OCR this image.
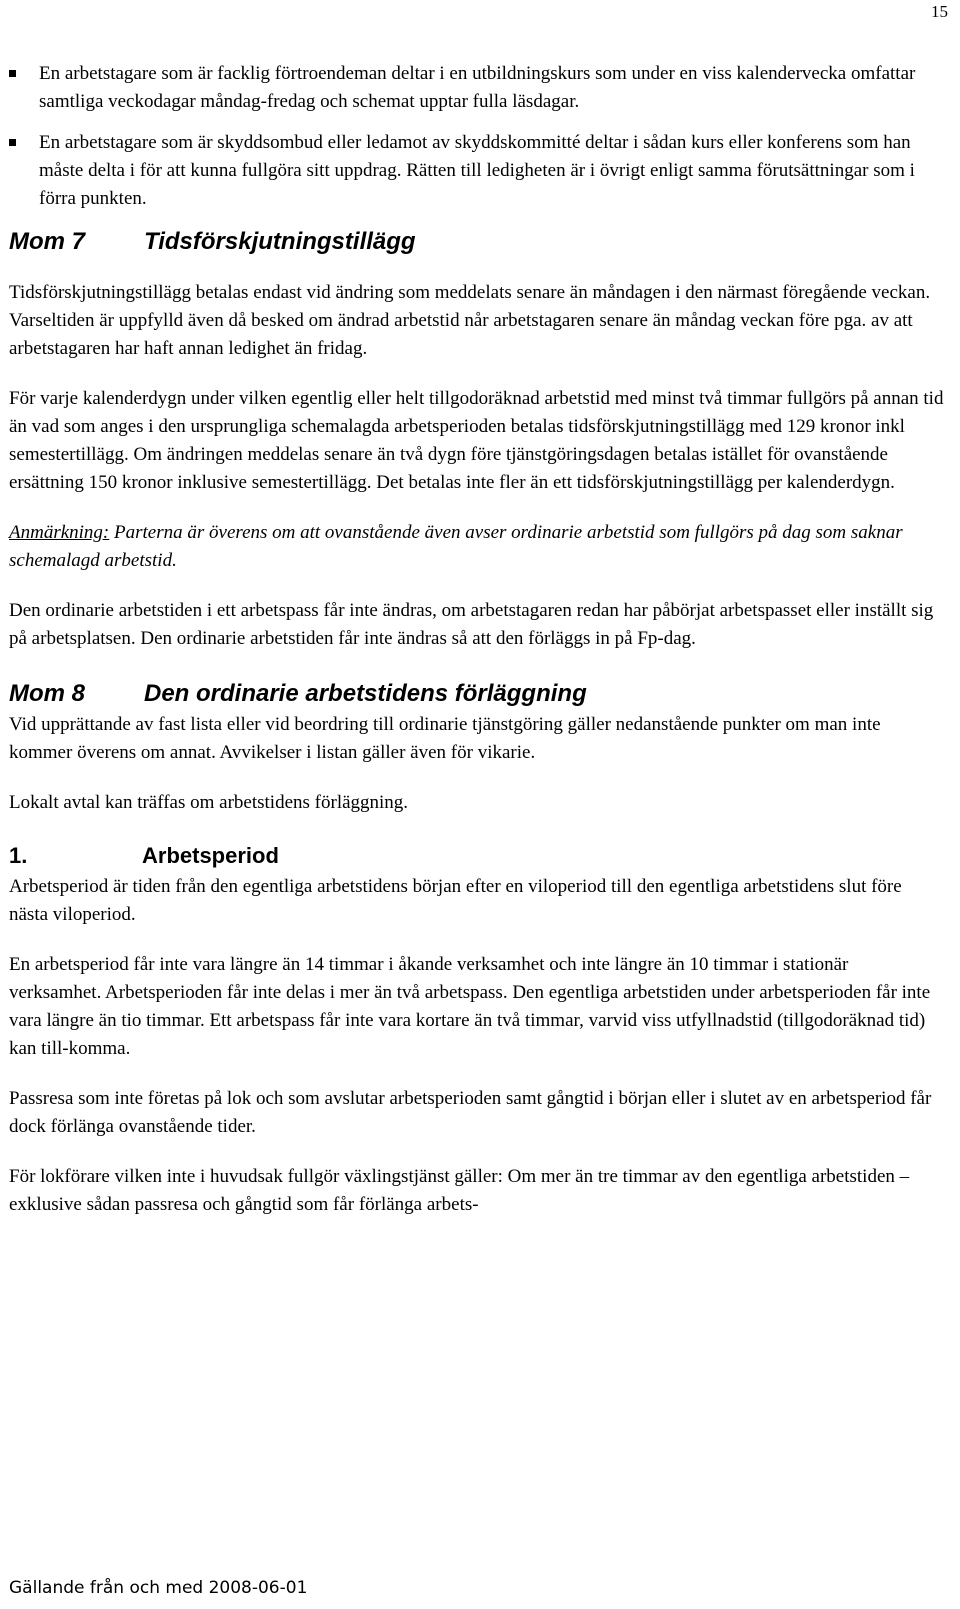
15
En arbetstagare som är facklig förtroendeman deltar i en utbildningskurs som under en viss kalendervecka omfattar samtliga veckodagar måndag-fredag och schemat upptar fulla läsdagar.
En arbetstagare som är skyddsombud eller ledamot av skyddskommitté deltar i sådan kurs eller konferens som han måste delta i för att kunna fullgöra sitt uppdrag. Rätten till ledigheten är i övrigt enligt samma förutsättningar som i förra punkten.
Mom 7	Tidsförskjutningstillägg

Tidsförskjutningstillägg betalas endast vid ändring som meddelats senare än måndagen i den närmast föregående veckan. Varseltiden är uppfylld även då besked om ändrad arbetstid når arbetstagaren senare än måndag veckan före pga. av att arbetstagaren har haft annan ledighet än fridag.

För varje kalenderdygn under vilken egentlig eller helt tillgodoräknad arbetstid med minst två timmar fullgörs på annan tid än vad som anges i den ursprungliga schemalagda arbetsperioden betalas tidsförskjutningstillägg med 129 kronor inkl semestertillägg. Om ändringen meddelas senare än två dygn före tjänstgöringsdagen betalas istället för ovanstående ersättning 150 kronor inklusive semestertillägg. Det betalas inte fler än ett tidsförskjutningstillägg per kalenderdygn.

Anmärkning: Parterna är överens om att ovanstående även avser ordinarie arbetstid som fullgörs på dag som saknar schemalagd arbetstid.

Den ordinarie arbetstiden i ett arbetspass får inte ändras, om arbetstagaren redan har påbörjat arbetspasset eller inställt sig på arbetsplatsen. Den ordinarie arbetstiden får inte ändras så att den förläggs in på Fp-dag.

Mom 8	Den ordinarie arbetstidens förläggning

Vid upprättande av fast lista eller vid beordring till ordinarie tjänstgöring gäller nedanstående punkter om man inte kommer överens om annat. Avvikelser i listan gäller även för vikarie.

Lokalt avtal kan träffas om arbetstidens förläggning.

1.	Arbetsperiod

Arbetsperiod är tiden från den egentliga arbetstidens början efter en viloperiod till den egentliga arbetstidens slut före nästa viloperiod.

En arbetsperiod får inte vara längre än 14 timmar i åkande verksamhet och inte längre än 10 timmar i stationär verksamhet. Arbetsperioden får inte delas i mer än två arbetspass. Den egentliga arbetstiden under arbetsperioden får inte vara längre än tio timmar. Ett arbetspass får inte vara kortare än två timmar, varvid viss utfyllnadstid (tillgodoräknad tid) kan till-komma.

Passresa som inte företas på lok och som avslutar arbetsperioden samt gångtid i början eller i slutet av en arbetsperiod får dock förlänga ovanstående tider.

För lokförare vilken inte i huvudsak fullgör växlingstjänst gäller: Om mer än tre timmar av den egentliga arbetstiden – exklusive sådan passresa och gångtid som får förlänga arbets-

Gällande från och med 2008-06-01
